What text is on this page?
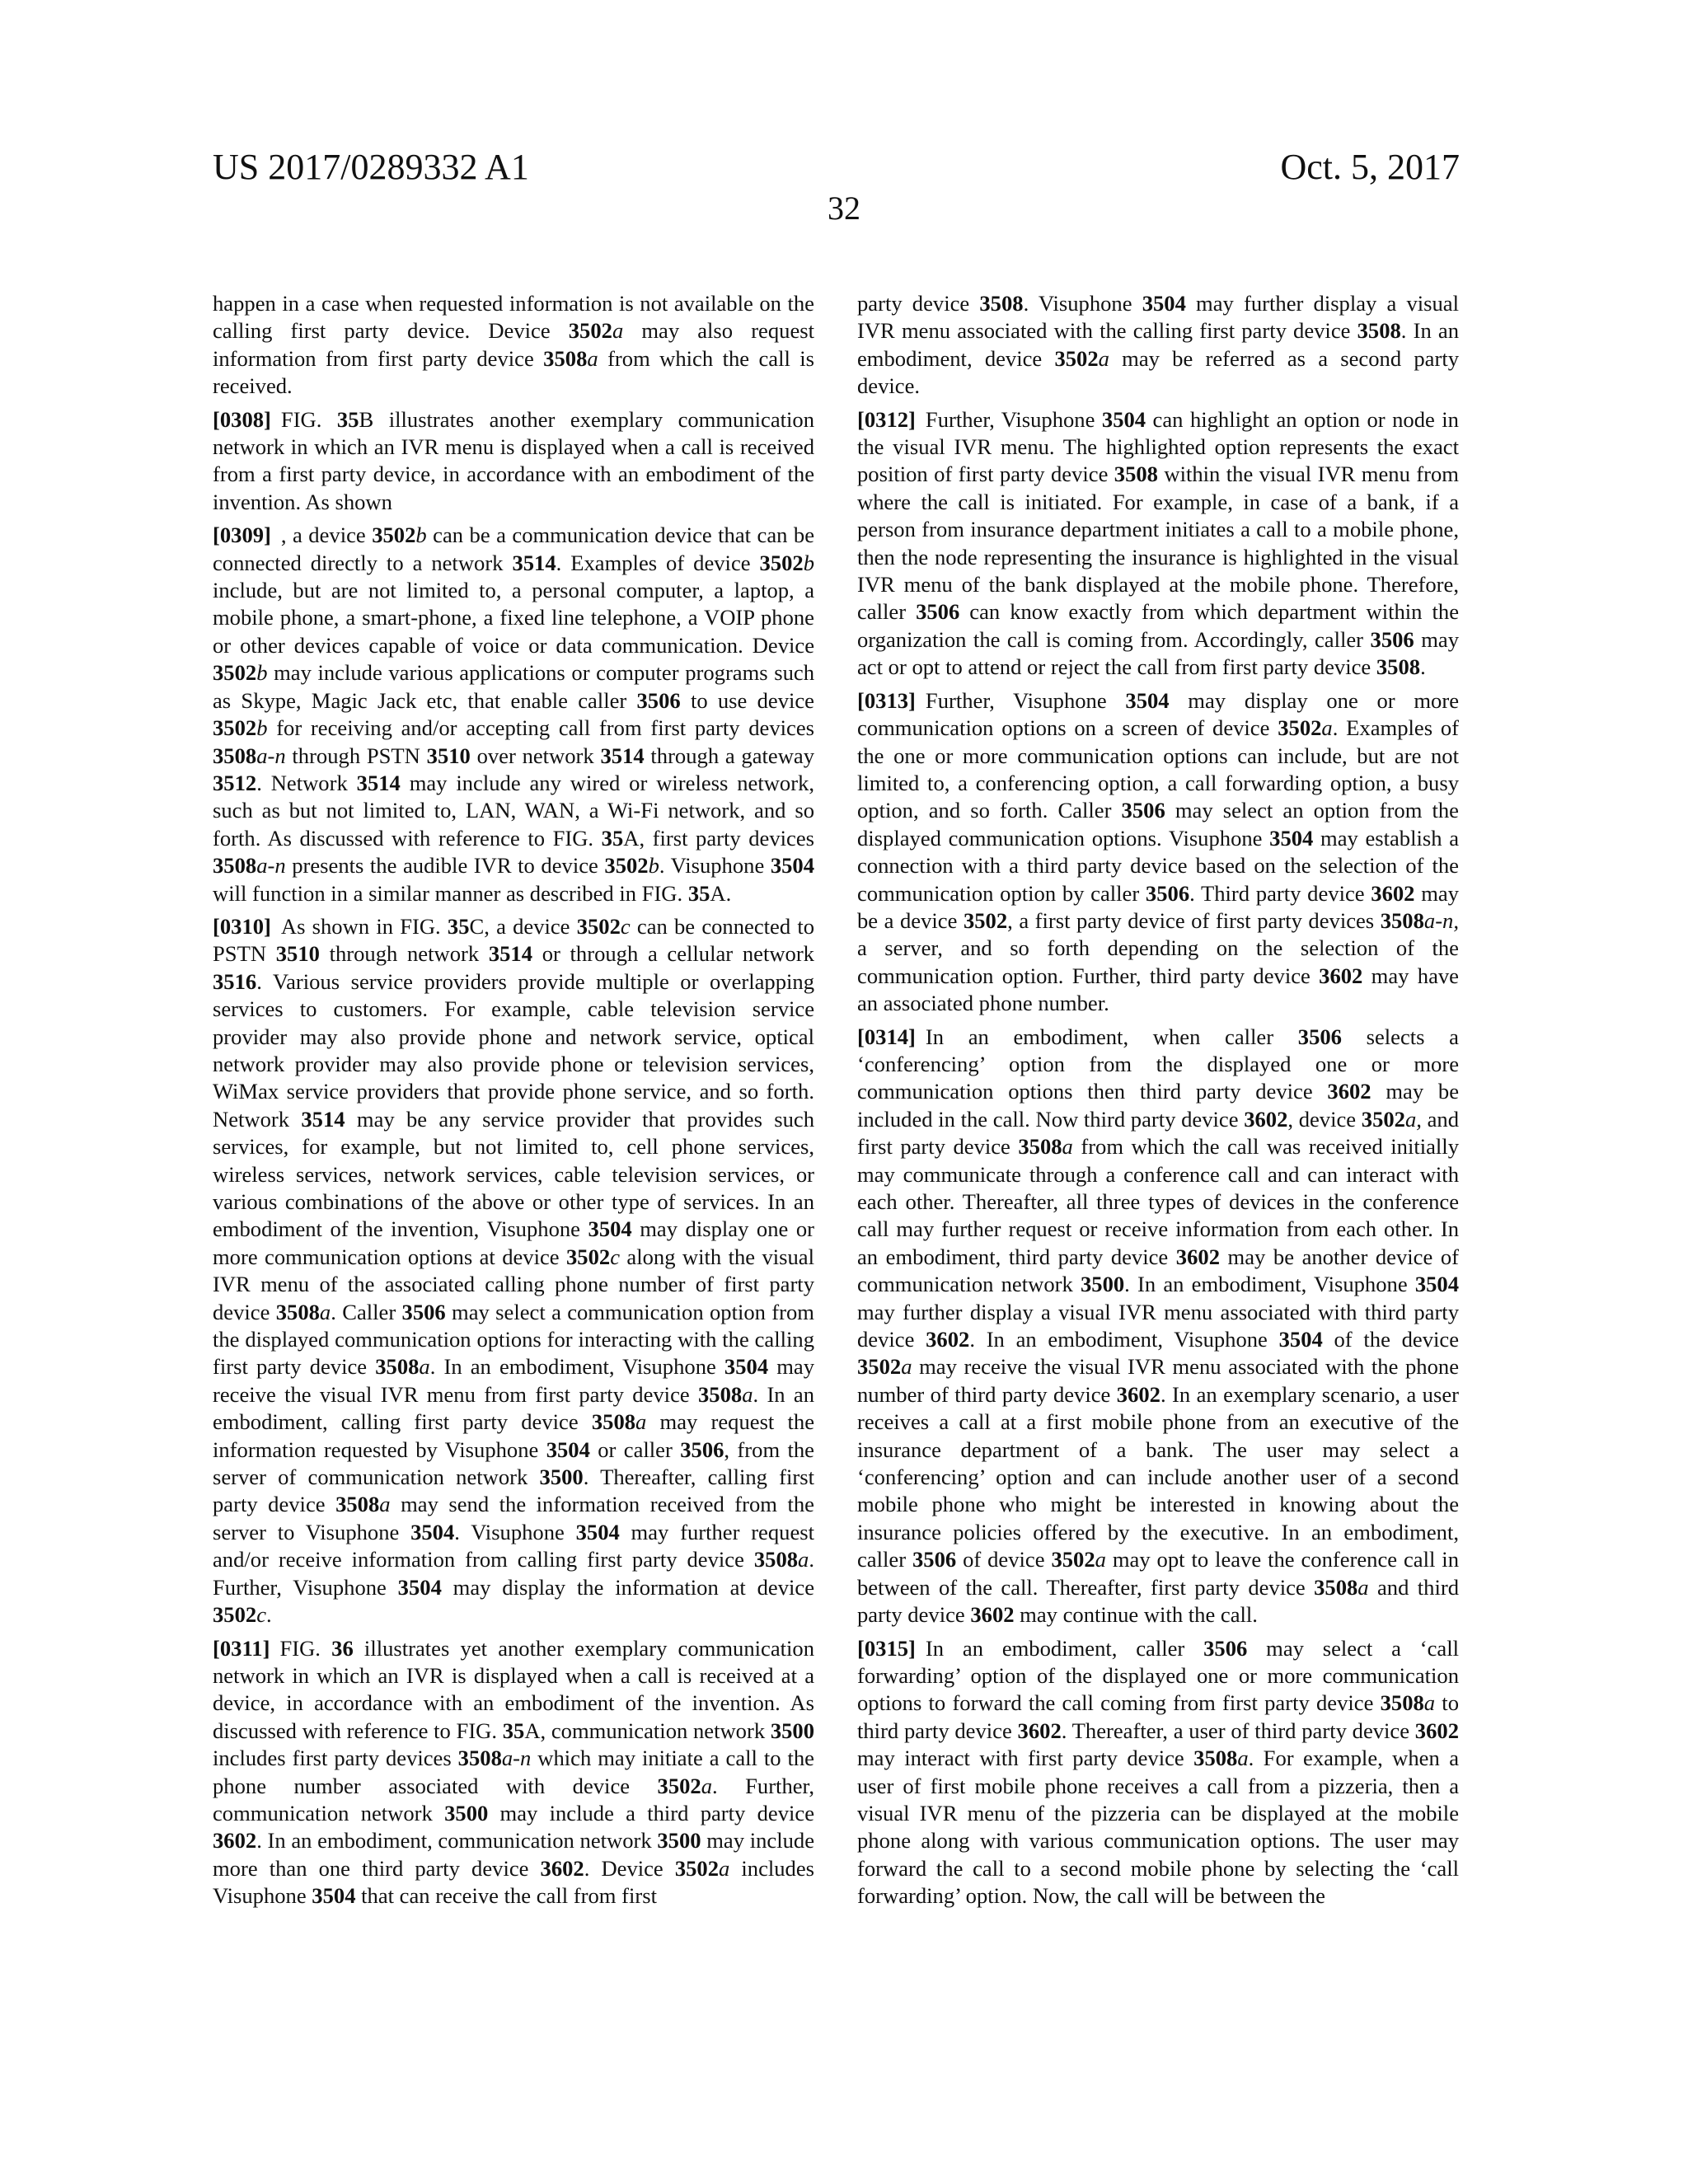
US 2017/0289332 A1	Oct. 5, 2017
32

happen in a case when requested information is not available on the calling first party device. Device 3502a may also request information from first party device 3508a from which the call is received.

[0308] FIG. 35B illustrates another exemplary communication network in which an IVR menu is displayed when a call is received from a first party device, in accordance with an embodiment of the invention. As shown

[0309] , a device 3502b can be a communication device that can be connected directly to a network 3514. Examples of device 3502b include, but are not limited to, a personal computer, a laptop, a mobile phone, a smart-phone, a fixed line telephone, a VOIP phone or other devices capable of voice or data communication. Device 3502b may include various applications or computer programs such as Skype, Magic Jack etc, that enable caller 3506 to use device 3502b for receiving and/or accepting call from first party devices 3508a-n through PSTN 3510 over network 3514 through a gateway 3512. Network 3514 may include any wired or wireless network, such as but not limited to, LAN, WAN, a Wi-Fi network, and so forth. As discussed with reference to FIG. 35A, first party devices 3508a-n presents the audible IVR to device 3502b. Visuphone 3504 will function in a similar manner as described in FIG. 35A.

[0310] As shown in FIG. 35C, a device 3502c can be connected to PSTN 3510 through network 3514 or through a cellular network 3516. Various service providers provide multiple or overlapping services to customers. For example, cable television service provider may also provide phone and network service, optical network provider may also provide phone or television services, WiMax service providers that provide phone service, and so forth. Network 3514 may be any service provider that provides such services, for example, but not limited to, cell phone services, wireless services, network services, cable television services, or various combinations of the above or other type of services. In an embodiment of the invention, Visuphone 3504 may display one or more communication options at device 3502c along with the visual IVR menu of the associated calling phone number of first party device 3508a. Caller 3506 may select a communication option from the displayed communication options for interacting with the calling first party device 3508a. In an embodiment, Visuphone 3504 may receive the visual IVR menu from first party device 3508a. In an embodiment, calling first party device 3508a may request the information requested by Visuphone 3504 or caller 3506, from the server of communication network 3500. Thereafter, calling first party device 3508a may send the information received from the server to Visuphone 3504. Visuphone 3504 may further request and/or receive information from calling first party device 3508a. Further, Visuphone 3504 may display the information at device 3502c.

[0311] FIG. 36 illustrates yet another exemplary communication network in which an IVR is displayed when a call is received at a device, in accordance with an embodiment of the invention. As discussed with reference to FIG. 35A, communication network 3500 includes first party devices 3508a-n which may initiate a call to the phone number associated with device 3502a. Further, communication network 3500 may include a third party device 3602. In an embodiment, communication network 3500 may include more than one third party device 3602. Device 3502a includes Visuphone 3504 that can receive the call from first

party device 3508. Visuphone 3504 may further display a visual IVR menu associated with the calling first party device 3508. In an embodiment, device 3502a may be referred as a second party device.

[0312] Further, Visuphone 3504 can highlight an option or node in the visual IVR menu. The highlighted option represents the exact position of first party device 3508 within the visual IVR menu from where the call is initiated. For example, in case of a bank, if a person from insurance department initiates a call to a mobile phone, then the node representing the insurance is highlighted in the visual IVR menu of the bank displayed at the mobile phone. Therefore, caller 3506 can know exactly from which department within the organization the call is coming from. Accordingly, caller 3506 may act or opt to attend or reject the call from first party device 3508.

[0313] Further, Visuphone 3504 may display one or more communication options on a screen of device 3502a. Examples of the one or more communication options can include, but are not limited to, a conferencing option, a call forwarding option, a busy option, and so forth. Caller 3506 may select an option from the displayed communication options. Visuphone 3504 may establish a connection with a third party device based on the selection of the communication option by caller 3506. Third party device 3602 may be a device 3502, a first party device of first party devices 3508a-n, a server, and so forth depending on the selection of the communication option. Further, third party device 3602 may have an associated phone number.

[0314] In an embodiment, when caller 3506 selects a ‘conferencing’ option from the displayed one or more communication options then third party device 3602 may be included in the call. Now third party device 3602, device 3502a, and first party device 3508a from which the call was received initially may communicate through a conference call and can interact with each other. Thereafter, all three types of devices in the conference call may further request or receive information from each other. In an embodiment, third party device 3602 may be another device of communication network 3500. In an embodiment, Visuphone 3504 may further display a visual IVR menu associated with third party device 3602. In an embodiment, Visuphone 3504 of the device 3502a may receive the visual IVR menu associated with the phone number of third party device 3602. In an exemplary scenario, a user receives a call at a first mobile phone from an executive of the insurance department of a bank. The user may select a ‘conferencing’ option and can include another user of a second mobile phone who might be interested in knowing about the insurance policies offered by the executive. In an embodiment, caller 3506 of device 3502a may opt to leave the conference call in between of the call. Thereafter, first party device 3508a and third party device 3602 may continue with the call.

[0315] In an embodiment, caller 3506 may select a ‘call forwarding’ option of the displayed one or more communication options to forward the call coming from first party device 3508a to third party device 3602. Thereafter, a user of third party device 3602 may interact with first party device 3508a. For example, when a user of first mobile phone receives a call from a pizzeria, then a visual IVR menu of the pizzeria can be displayed at the mobile phone along with various communication options. The user may forward the call to a second mobile phone by selecting the ‘call forwarding’ option. Now, the call will be between the
